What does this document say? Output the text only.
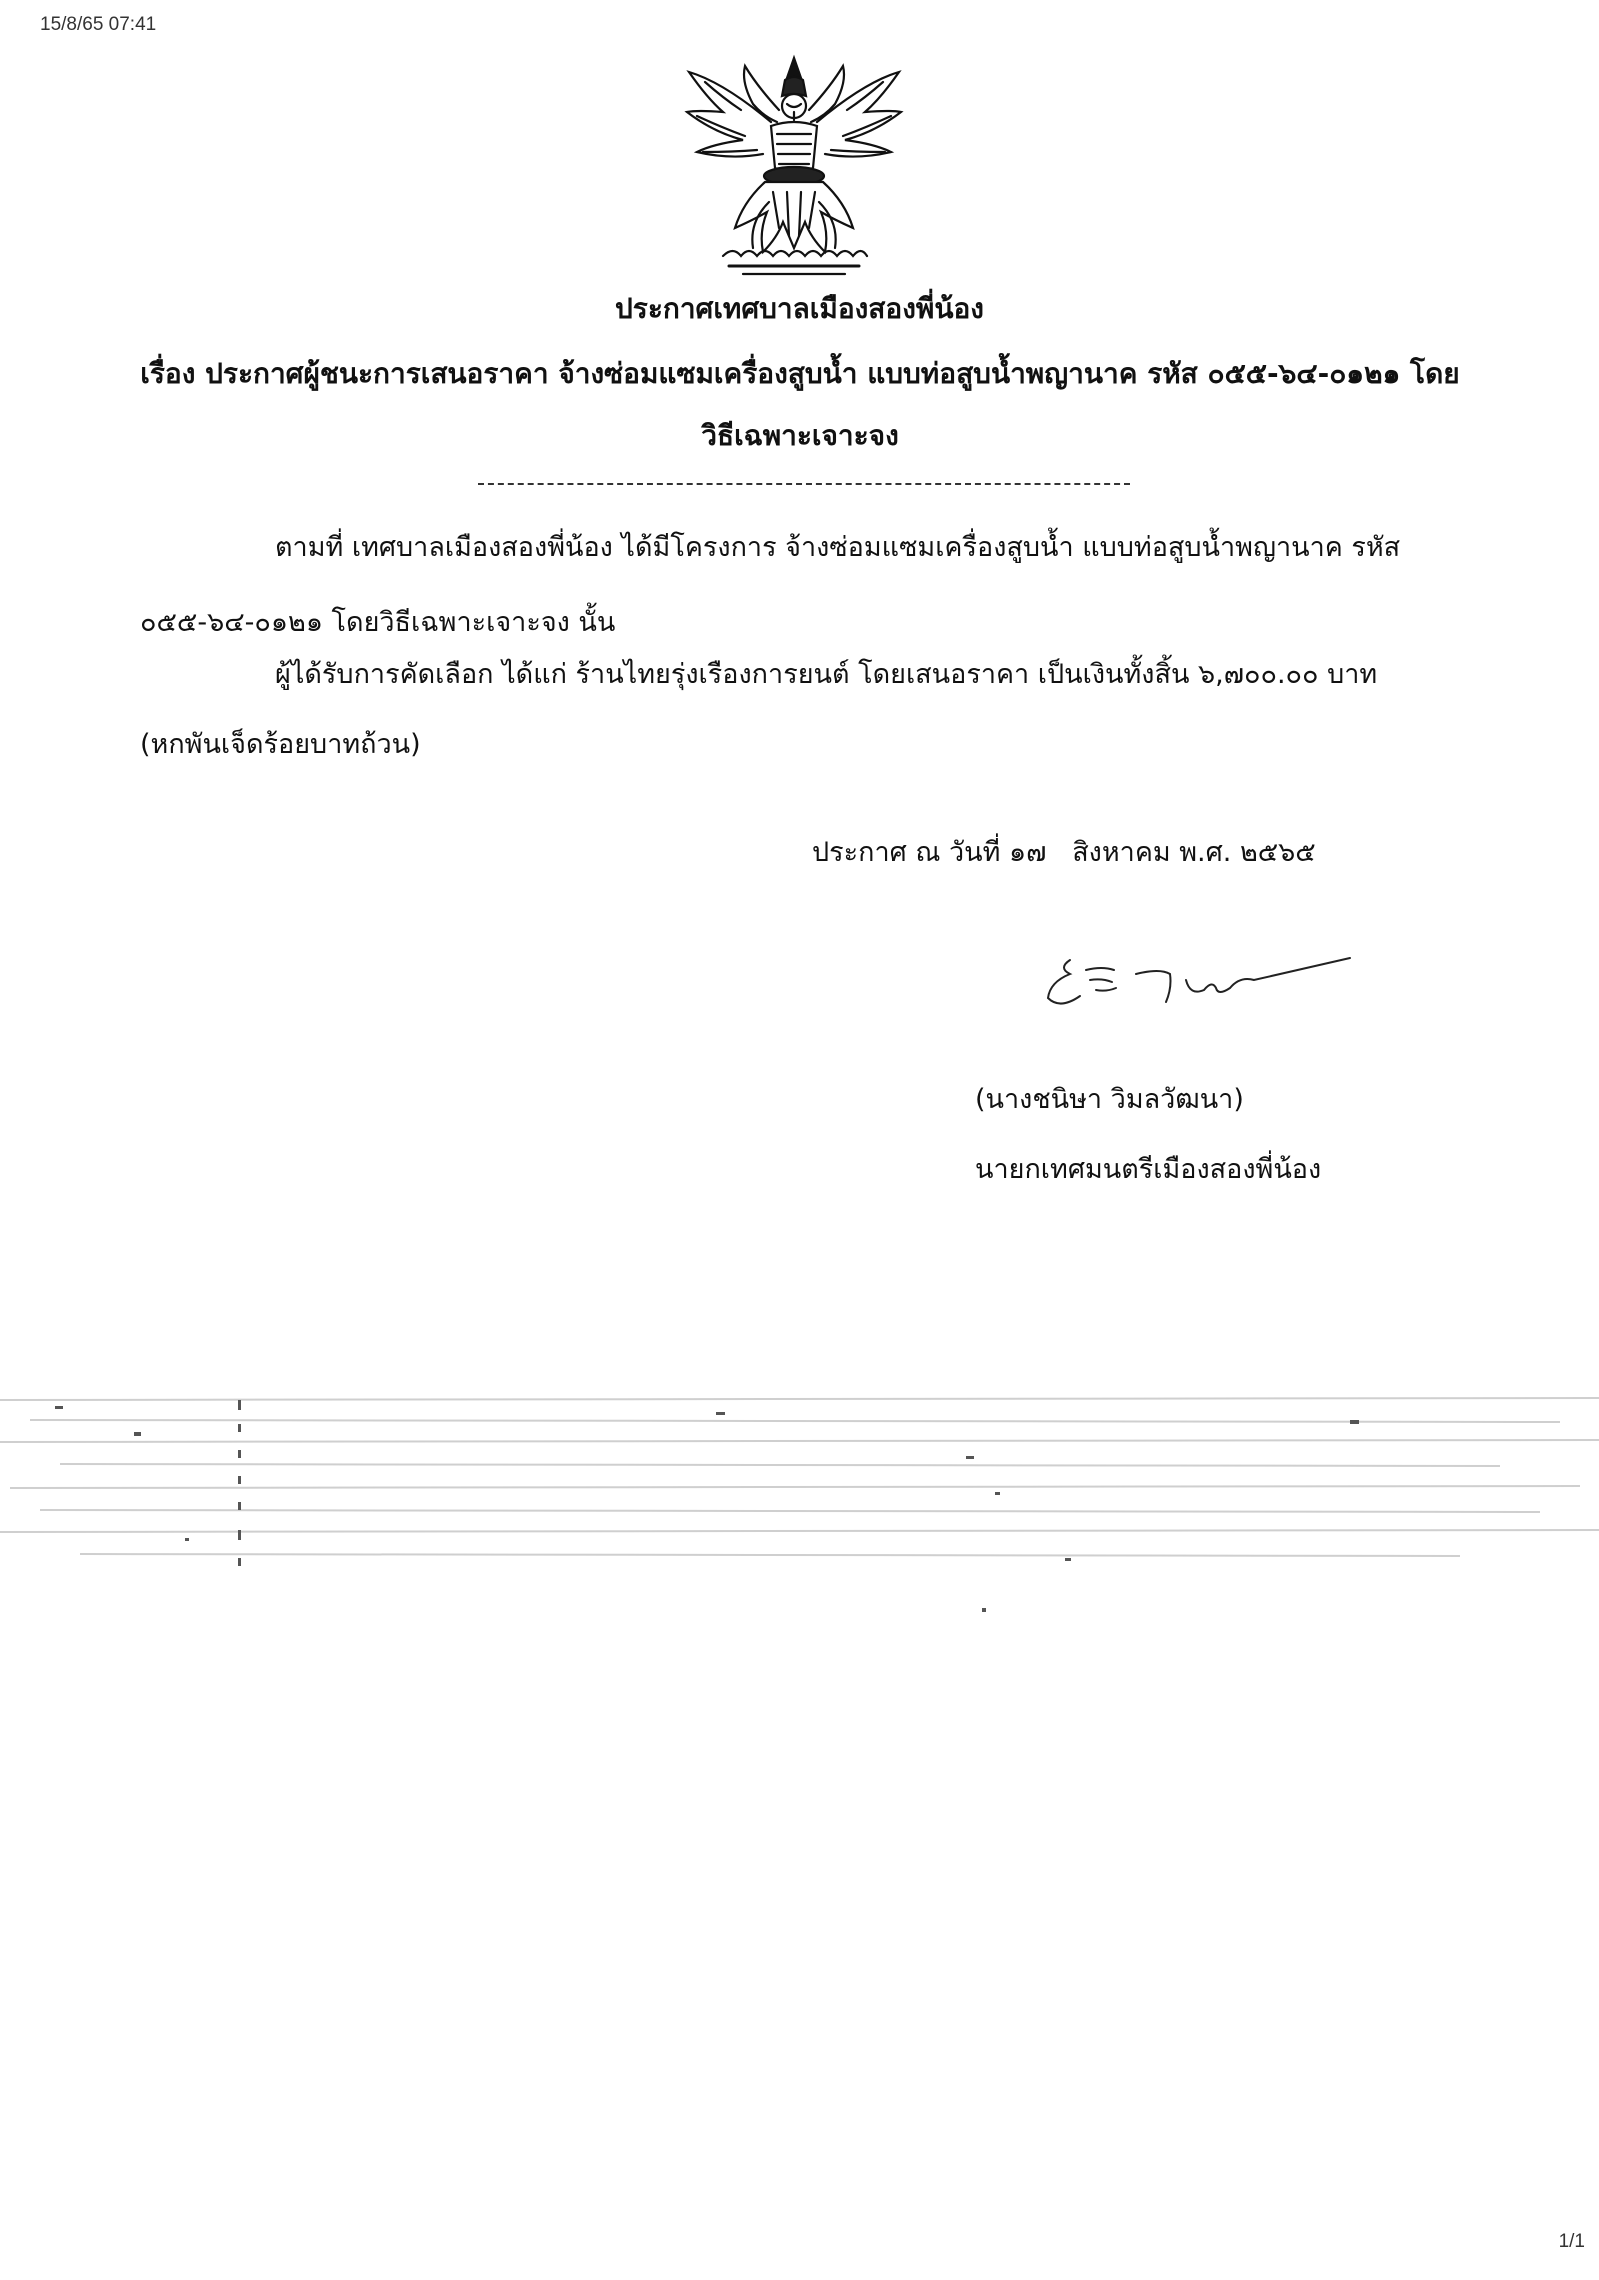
15/8/65 07:41
ประกาศเทศบาลเมืองสองพี่น้อง
เรื่อง ประกาศผู้ชนะการเสนอราคา จ้างซ่อมแซมเครื่องสูบน้ำ แบบท่อสูบน้ำพญานาค รหัส ๐๕๕-๖๔-๐๑๒๑ โดย
วิธีเฉพาะเจาะจง
ตามที่ เทศบาลเมืองสองพี่น้อง ได้มีโครงการ จ้างซ่อมแซมเครื่องสูบน้ำ แบบท่อสูบน้ำพญานาค รหัส
๐๕๕-๖๔-๐๑๒๑ โดยวิธีเฉพาะเจาะจง นั้น
ผู้ได้รับการคัดเลือก ได้แก่ ร้านไทยรุ่งเรืองการยนต์ โดยเสนอราคา เป็นเงินทั้งสิ้น ๖,๗๐๐.๐๐ บาท
(หกพันเจ็ดร้อยบาทถ้วน)
ประกาศ ณ วันที่ ๑๗   สิงหาคม พ.ศ. ๒๕๖๕
(นางชนิษา วิมลวัฒนา)
นายกเทศมนตรีเมืองสองพี่น้อง
1/1
